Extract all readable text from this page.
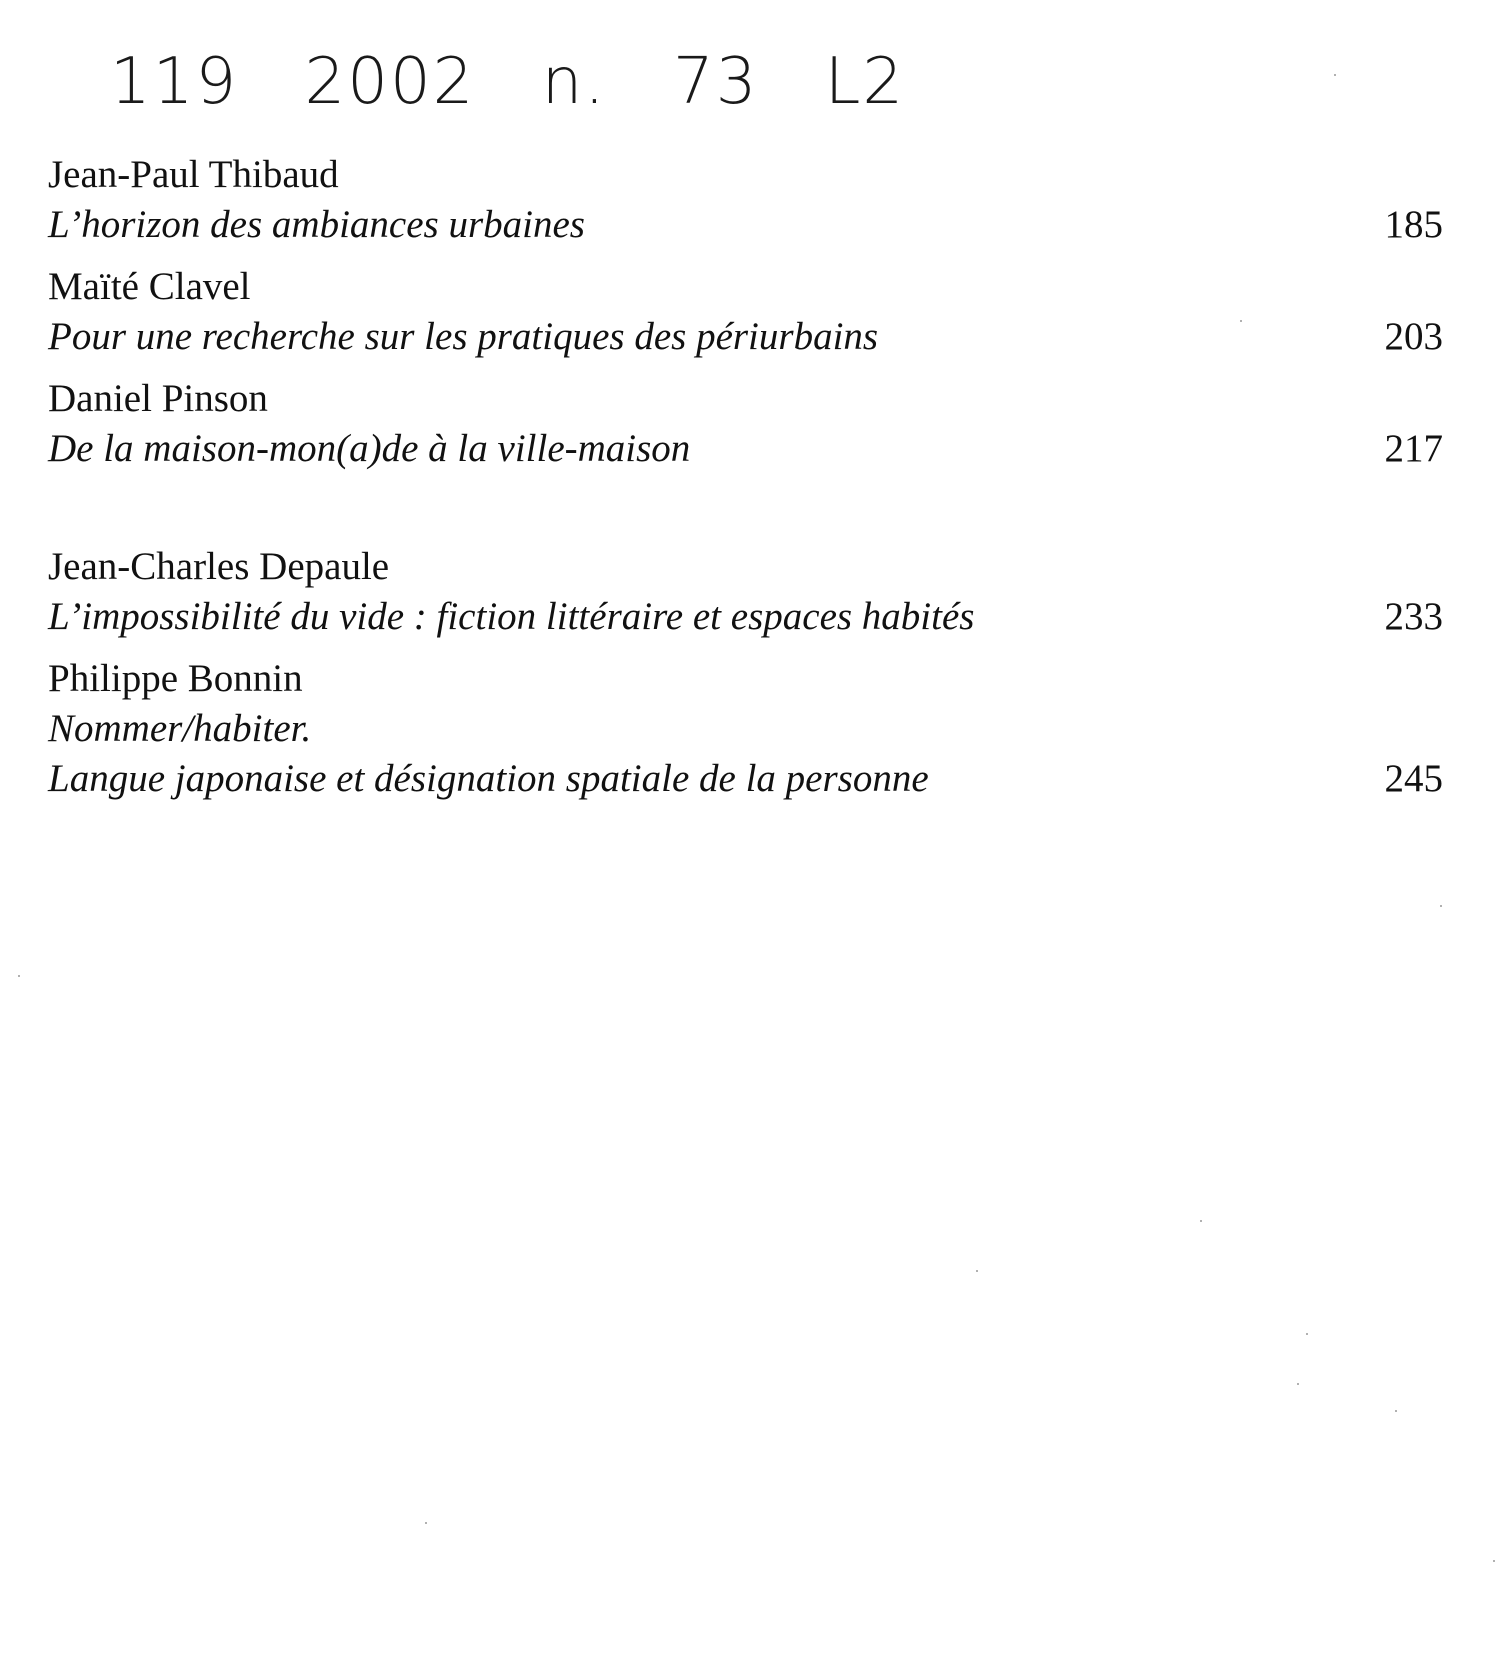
119 2002 n. 73 L2

Jean-Paul Thibaud
L’horizon des ambiances urbaines	185
Maïté Clavel
Pour une recherche sur les pratiques des périurbains	203
Daniel Pinson
De la maison-mon(a)de à la ville-maison	217
Jean-Charles Depaule
L’impossibilité du vide : fiction littéraire et espaces habités	233
Philippe Bonnin
Nommer/habiter.
Langue japonaise et désignation spatiale de la personne	245
